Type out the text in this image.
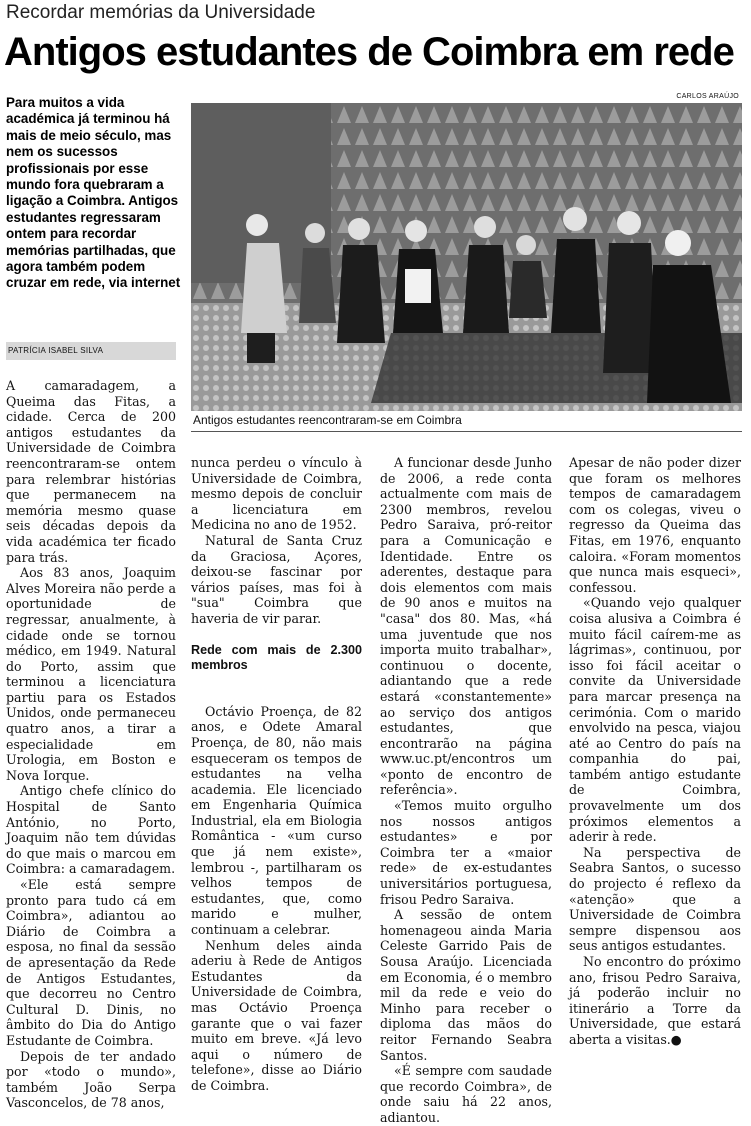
Recordar memórias da Universidade
Antigos estudantes de Coimbra em rede
Para muitos a vida académica já terminou há mais de meio século, mas nem os sucessos profissionais por esse mundo fora quebraram a ligação a Coimbra. Antigos estudantes regressaram ontem para recordar memórias partilhadas, que agora também podem cruzar em rede, via internet
PATRÍCIA ISABEL SILVA
CARLOS ARAÚJO
Antigos estudantes reencontraram-se em Coimbra

A camaradagem, a Queima das Fitas, a cidade. Cerca de 200 antigos estudantes da Universidade de Coimbra reencontraram-se ontem para relembrar histórias que permanecem na memória mesmo quase seis décadas depois da vida académica ter ficado para trás.

Aos 83 anos, Joaquim Alves Moreira não perde a oportunidade de regressar, anualmente, à cidade onde se tornou médico, em 1949. Natural do Porto, assim que terminou a licenciatura partiu para os Estados Unidos, onde permaneceu quatro anos, a tirar a especialidade em Urologia, em Boston e Nova Iorque.

Antigo chefe clínico do Hospital de Santo António, no Porto, Joaquim não tem dúvidas do que mais o marcou em Coimbra: a camaradagem.

«Ele está sempre pronto para tudo cá em Coimbra», adiantou ao Diário de Coimbra a esposa, no final da sessão de apresentação da Rede de Antigos Estudantes, que decorreu no Centro Cultural D. Dinis, no âmbito do Dia do Antigo Estudante de Coimbra.

Depois de ter andado por «todo o mundo», também João Serpa Vasconcelos, de 78 anos,

nunca perdeu o vínculo à Universidade de Coimbra, mesmo depois de concluir a licenciatura em Medicina no ano de 1952.

Natural de Santa Cruz da Graciosa, Açores, deixou-se fascinar por vários países, mas foi à "sua" Coimbra que haveria de vir parar.

Rede com mais de 2.300 membros

Octávio Proença, de 82 anos, e Odete Amaral Proença, de 80, não mais esqueceram os tempos de estudantes na velha academia. Ele licenciado em Engenharia Química Industrial, ela em Biologia Romântica - «um curso que já nem existe», lembrou -, partilharam os velhos tempos de estudantes, que, como marido e mulher, continuam a celebrar.

Nenhum deles ainda aderiu à Rede de Antigos Estudantes da Universidade de Coimbra, mas Octávio Proença garante que o vai fazer muito em breve. «Já levo aqui o número de telefone», disse ao Diário de Coimbra.

A funcionar desde Junho de 2006, a rede conta actualmente com mais de 2300 membros, revelou Pedro Saraiva, pró-reitor para a Comunicação e Identidade. Entre os aderentes, destaque para dois elementos com mais de 90 anos e muitos na "casa" dos 80. Mas, «há uma juventude que nos importa muito trabalhar», continuou o docente, adiantando que a rede estará «constantemente» ao serviço dos antigos estudantes, que encontrarão na página www.uc.pt/encontros um «ponto de encontro de referência».

«Temos muito orgulho nos nossos antigos estudantes» e por Coimbra ter a «maior rede» de ex-estudantes universitários portuguesa, frisou Pedro Saraiva.

A sessão de ontem homenageou ainda Maria Celeste Garrido Pais de Sousa Araújo. Licenciada em Economia, é o membro mil da rede e veio do Minho para receber o diploma das mãos do reitor Fernando Seabra Santos.

«É sempre com saudade que recordo Coimbra», de onde saiu há 22 anos, adiantou.

Apesar de não poder dizer que foram os melhores tempos de camaradagem com os colegas, viveu o regresso da Queima das Fitas, em 1976, enquanto caloira. «Foram momentos que nunca mais esqueci», confessou.

«Quando vejo qualquer coisa alusiva a Coimbra é muito fácil caírem-me as lágrimas», continuou, por isso foi fácil aceitar o convite da Universidade para marcar presença na cerimónia. Com o marido envolvido na pesca, viajou até ao Centro do país na companhia do pai, também antigo estudante de Coimbra, provavelmente um dos próximos elementos a aderir à rede.

Na perspectiva de Seabra Santos, o sucesso do projecto é reflexo da «atenção» que a Universidade de Coimbra sempre dispensou aos seus antigos estudantes.

No encontro do próximo ano, frisou Pedro Saraiva, já poderão incluir no itinerário a Torre da Universidade, que estará aberta a visitas.●
